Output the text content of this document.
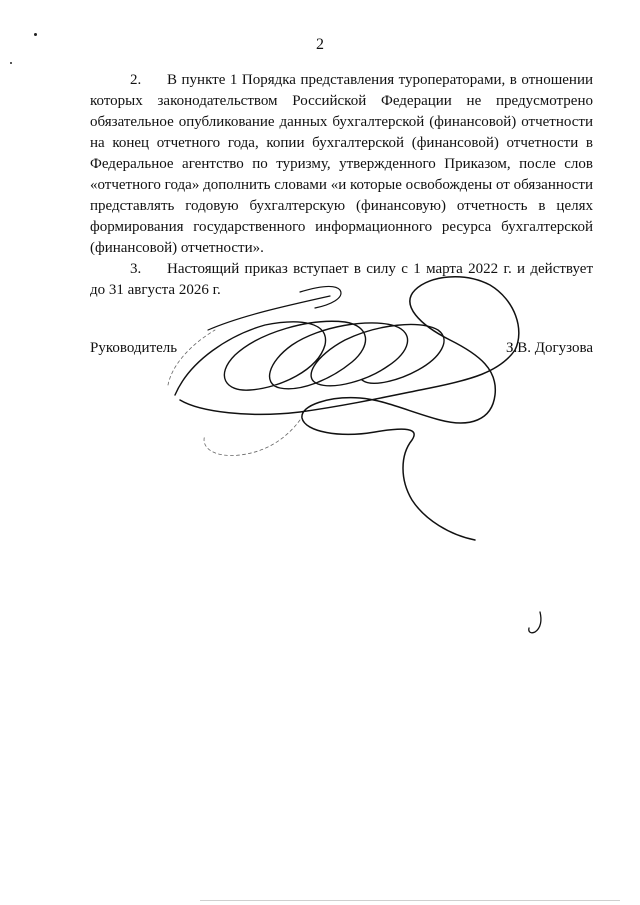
2

2. В пункте 1 Порядка представления туроператорами, в отношении которых законодательством Российской Федерации не предусмотрено обязательное опубликование данных бухгалтерской (финансовой) отчетности на конец отчетного года, копии бухгалтерской (финансовой) отчетности в Федеральное агентство по туризму, утвержденного Приказом, после слов «отчетного года» дополнить словами «и которые освобождены от обязанности представлять годовую бухгалтерскую (финансовую) отчетность в целях формирования государственного информационного ресурса бухгалтерской (финансовой) отчетности».

3. Настоящий приказ вступает в силу с 1 марта 2022 г. и действует до 31 августа 2026 г.

Руководитель	З.В. Догузова
